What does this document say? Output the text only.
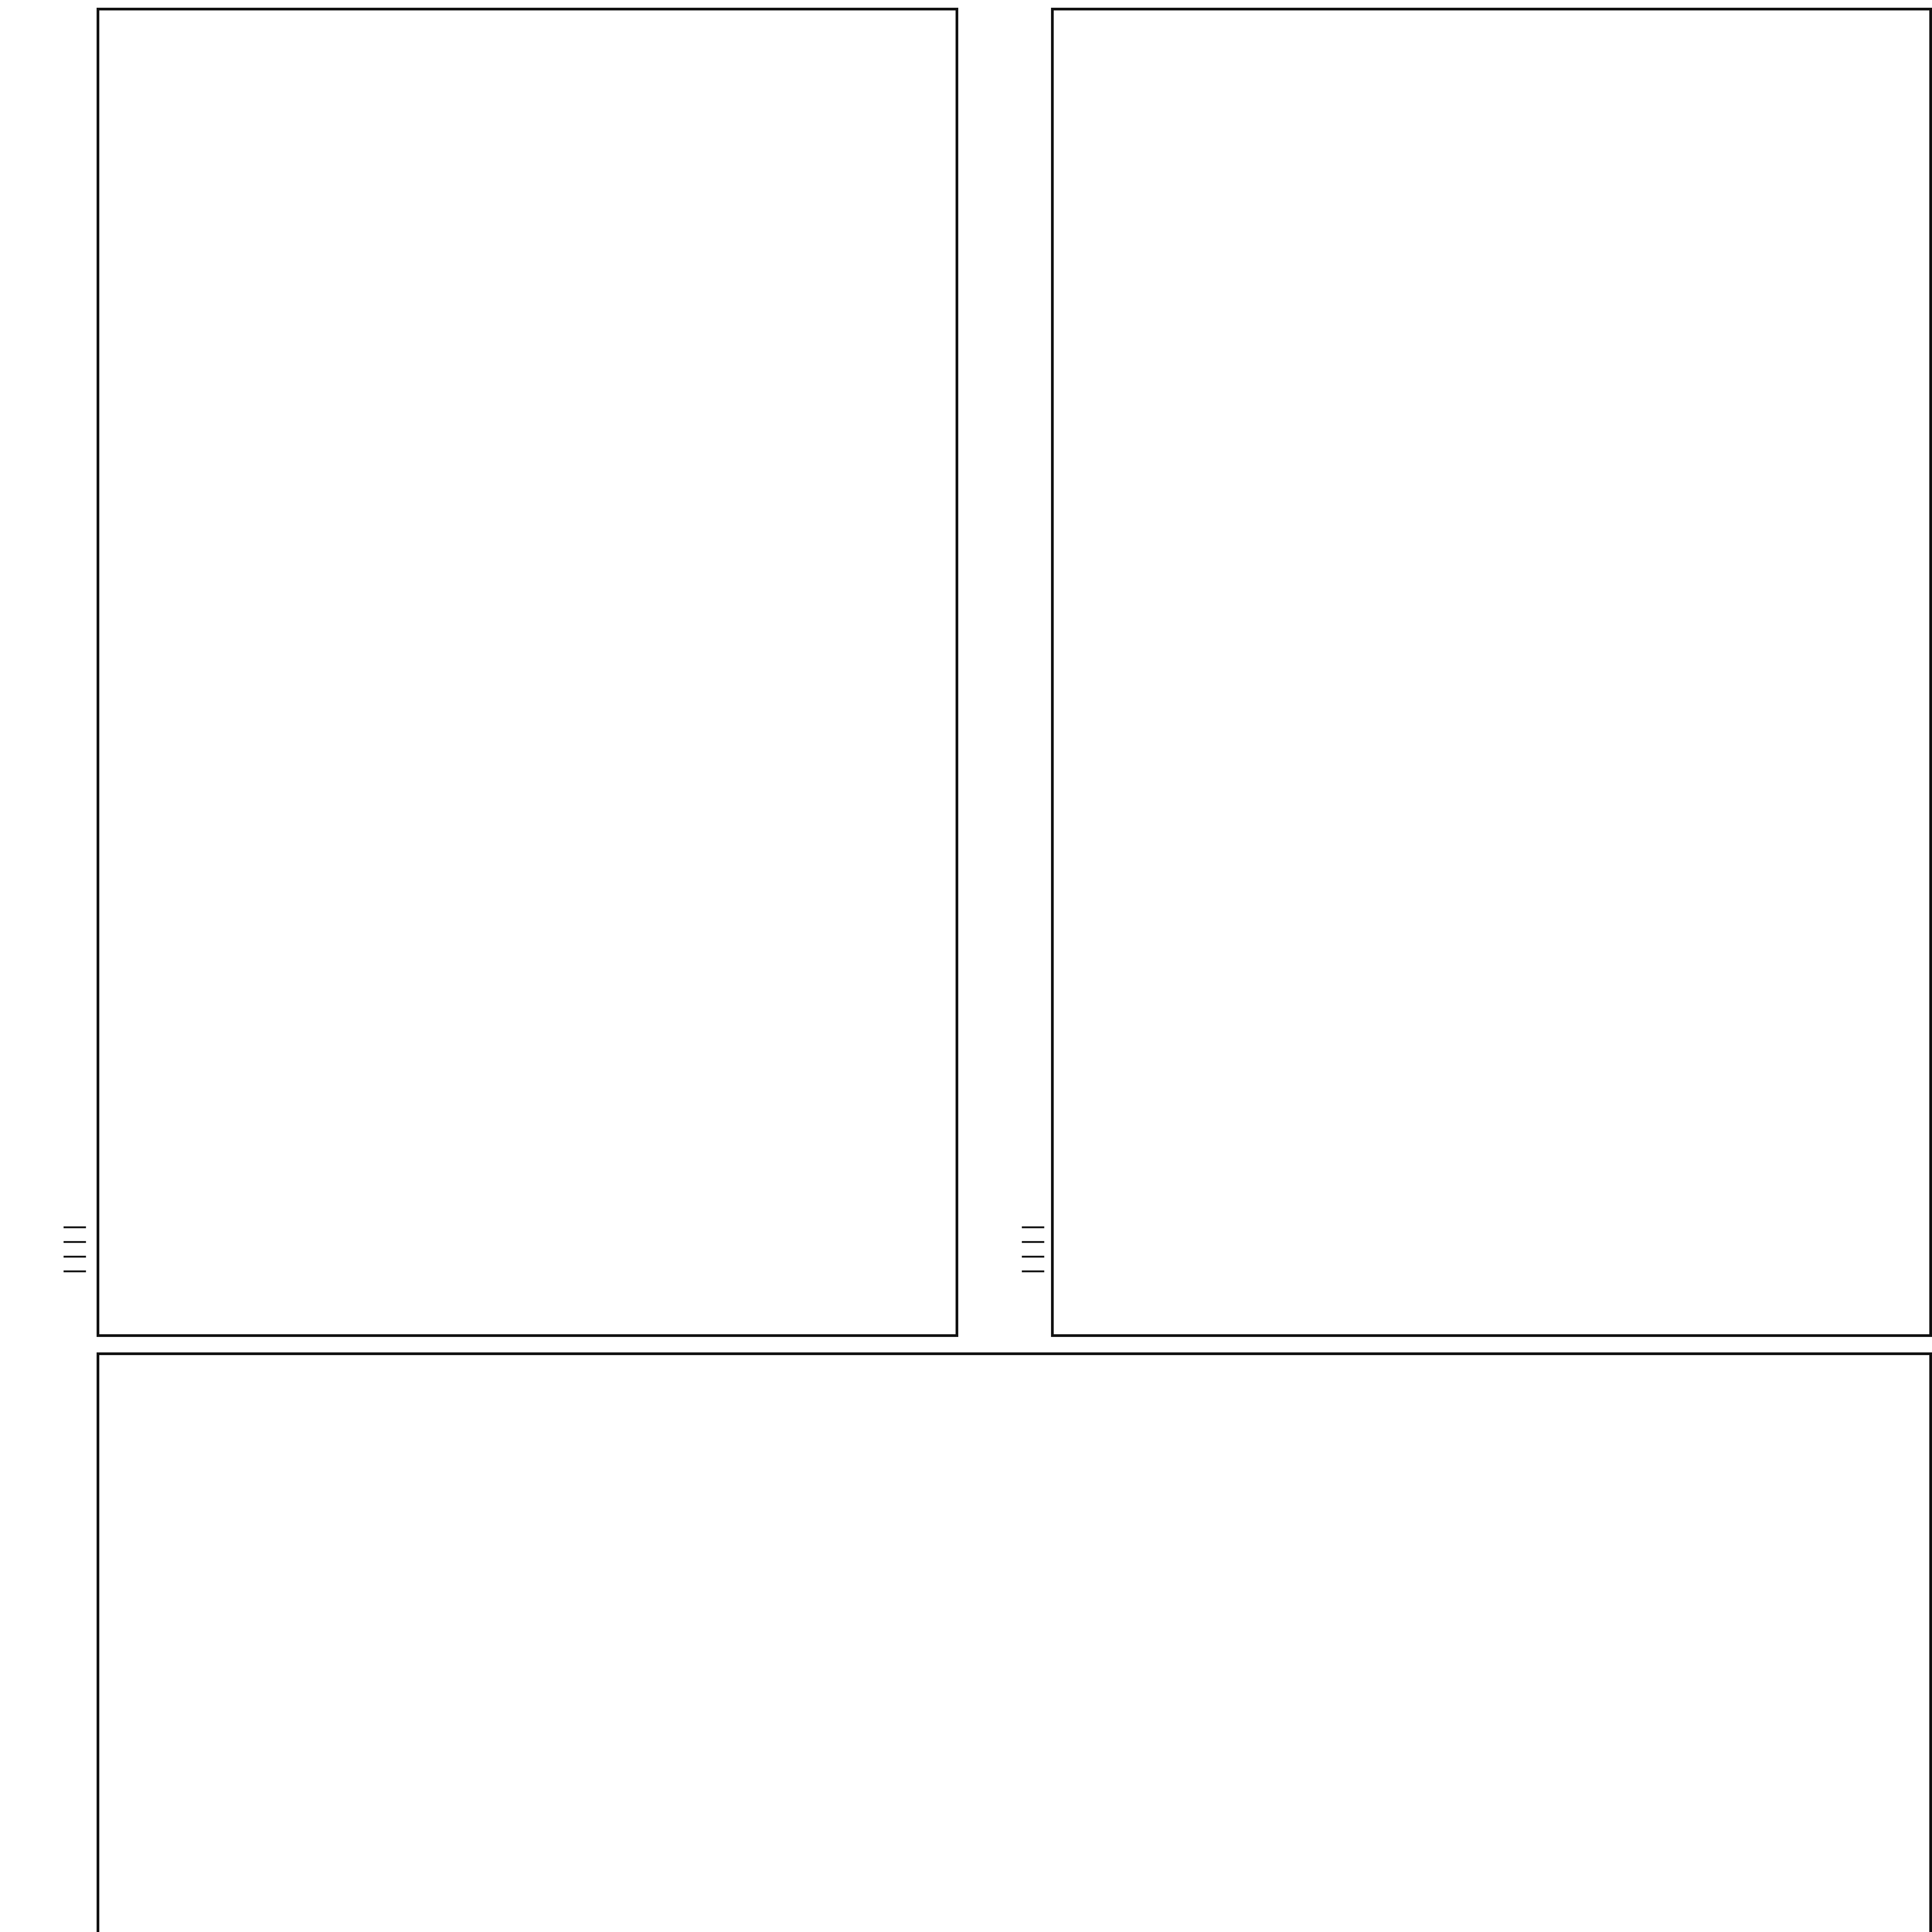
| | | |
| | | |
